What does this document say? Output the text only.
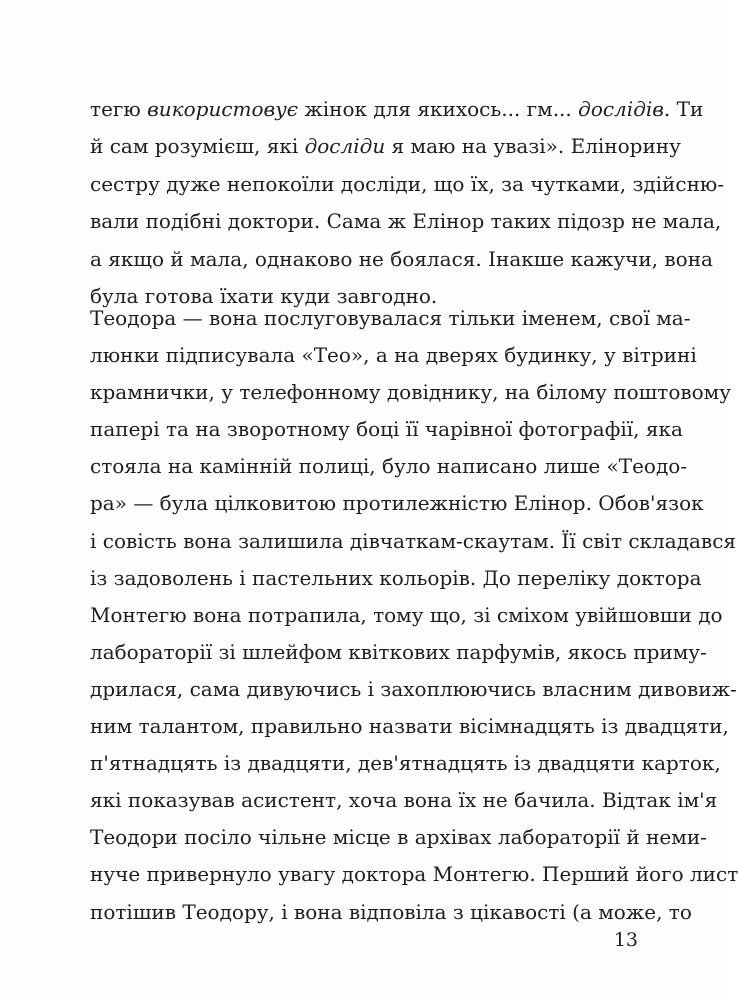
тегю використовує жінок для якихось... гм... дослідів. Ти
й сам розумієш, які досліди я маю на увазі». Елінорину
сестру дуже непокоїли досліди, що їх, за чутками, здійсню-
вали подібні доктори. Сама ж Елінор таких підозр не мала,
а якщо й мала, однаково не боялася. Інакше кажучи, вона
була готова їхати куди завгодно.
Теодора — вона послуговувалася тільки іменем, свої ма-
люнки підписувала «Тео», а на дверях будинку, у вітрині
крамнички, у телефонному довіднику, на білому поштовому
папері та на зворотному боці її чарівної фотографії, яка
стояла на камінній полиці, було написано лише «Теодо-
ра» — була цілковитою протилежністю Елінор. Обов'язок
і совість вона залишила дівчаткам-скаутам. Її світ складався
із задоволень і пастельних кольорів. До переліку доктора
Монтегю вона потрапила, тому що, зі сміхом увійшовши до
лабораторії зі шлейфом квіткових парфумів, якось приму-
дрилася, сама дивуючись і захоплюючись власним дивовиж-
ним талантом, правильно назвати вісімнадцять із двадцяти,
п'ятнадцять із двадцяти, дев'ятнадцять із двадцяти карток,
які показував асистент, хоча вона їх не бачила. Відтак ім'я
Теодори посіло чільне місце в архівах лабораторії й неми-
нуче привернуло увагу доктора Монтегю. Перший його лист
потішив Теодору, і вона відповіла з цікавості (а може, то
13
